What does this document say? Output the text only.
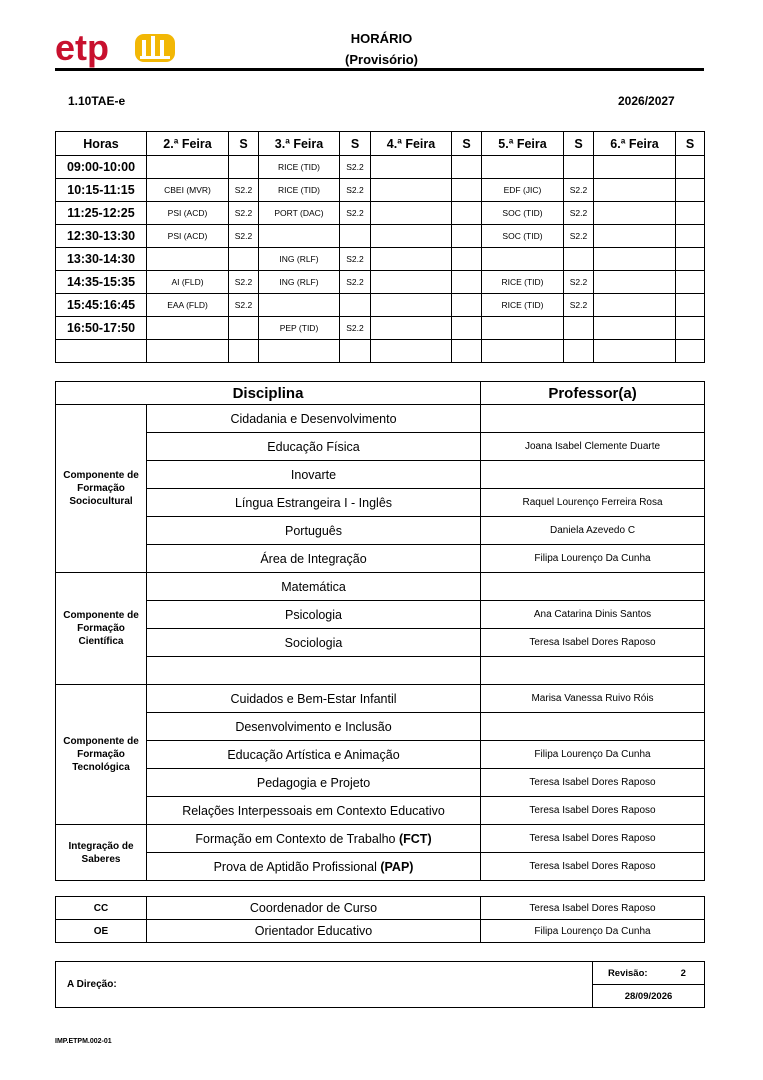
etp	HORÁRIO
(Provisório)
1.10TAE-e	2026/2027
Horas	2.ª Feira	S	3.ª Feira	S	4.ª Feira	S	5.ª Feira	S	6.ª Feira	S
09:00-10:00			RICE (TID)	S2.2						
10:15-11:15	CBEI (MVR)	S2.2	RICE (TID)	S2.2			EDF (JIC)	S2.2		
11:25-12:25	PSI (ACD)	S2.2	PORT (DAC)	S2.2			SOC (TID)	S2.2		
12:30-13:30	PSI (ACD)	S2.2					SOC (TID)	S2.2		
13:30-14:30			ING (RLF)	S2.2						
14:35-15:35	AI (FLD)	S2.2	ING (RLF)	S2.2			RICE (TID)	S2.2		
15:45:16:45	EAA (FLD)	S2.2					RICE (TID)	S2.2		
16:50-17:50			PEP (TID)	S2.2						

Disciplina		Professor(a)
Componente de Formação Sociocultural	Cidadania e Desenvolvimento	
	Educação Física	Joana Isabel Clemente Duarte
	Inovarte	
	Língua Estrangeira I - Inglês	Raquel Lourenço Ferreira Rosa
	Português	Daniela Azevedo C
	Área de Integração	Filipa Lourenço Da Cunha
Componente de Formação Científica	Matemática	
	Psicologia	Ana Catarina Dinis Santos
	Sociologia	Teresa Isabel Dores Raposo

Componente de Formação Tecnológica	Cuidados e Bem-Estar Infantil	Marisa Vanessa Ruivo Róis
	Desenvolvimento e Inclusão	
	Educação Artística e Animação	Filipa Lourenço Da Cunha
	Pedagogia e Projeto	Teresa Isabel Dores Raposo
	Relações Interpessoais em Contexto Educativo	Teresa Isabel Dores Raposo
Integração de Saberes	Formação em Contexto de Trabalho (FCT)	Teresa Isabel Dores Raposo
	Prova de Aptidão Profissional (PAP)	Teresa Isabel Dores Raposo
CC	Coordenador de Curso	Teresa Isabel Dores Raposo
OE	Orientador Educativo	Filipa Lourenço Da Cunha
A Direção:	Revisão:	2
28/09/2026
IMP.ETPM.002-01
